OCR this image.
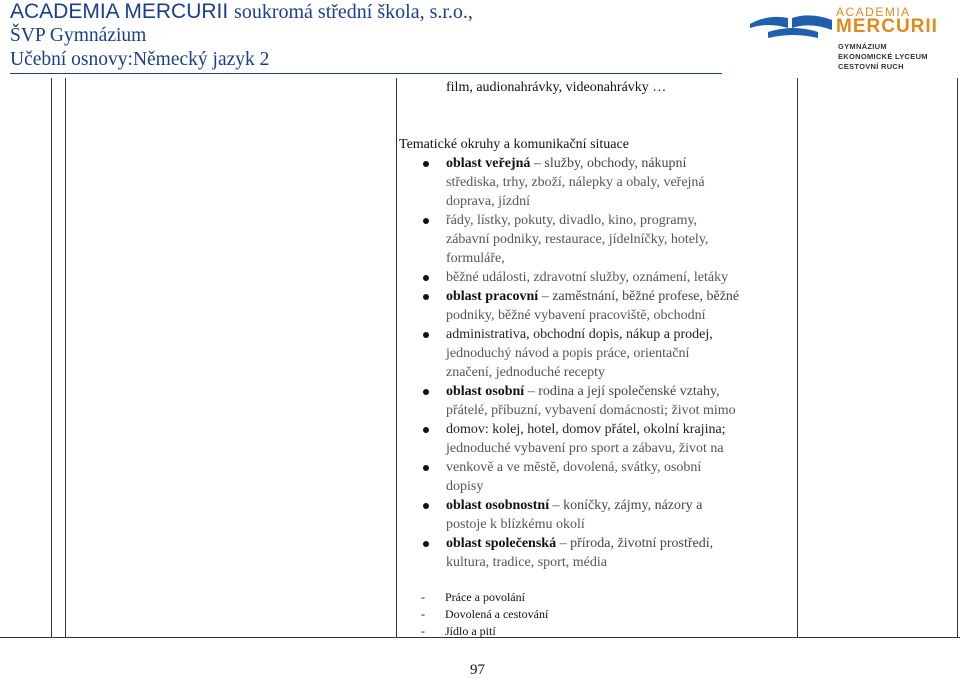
ACADEMIA MERCURII soukromá střední škola, s.r.o.,
ŠVP Gymnázium
Učební osnovy:Německý jazyk 2
ACADEMIA
MERCURII
GYMNÁZIUM
EKONOMICKÉ LYCEUM
CESTOVNÍ RUCH
film, audionahrávky, videonahrávky …
Tematické okruhy a komunikační situace
oblast veřejná – služby, obchody, nákupní
střediska, trhy, zboží, nálepky a obaly, veřejná
doprava, jízdní
řády, lístky, pokuty, divadlo, kino, programy,
zábavní podniky, restaurace, jídelníčky, hotely,
formuláře,
běžné události, zdravotní služby, oznámení, letáky
oblast pracovní – zaměstnání, běžné profese, běžné
podniky, běžné vybavení pracoviště, obchodní
administrativa, obchodní dopis, nákup a prodej,
jednoduchý návod a popis práce, orientační
značení, jednoduché recepty
oblast osobní – rodina a její společenské vztahy,
přátelé, příbuzní, vybavení domácnosti; život mimo
domov: kolej, hotel, domov přátel, okolní krajina;
jednoduché vybavení pro sport a zábavu, život na
venkově a ve městě, dovolená, svátky, osobní
dopisy
oblast osobnostní – koníčky, zájmy, názory a
postoje k blízkému okolí
oblast společenská – příroda, životní prostředí,
kultura, tradice, sport, média
- Práce a povolání
- Dovolená a cestování
- Jídlo a pití
97
